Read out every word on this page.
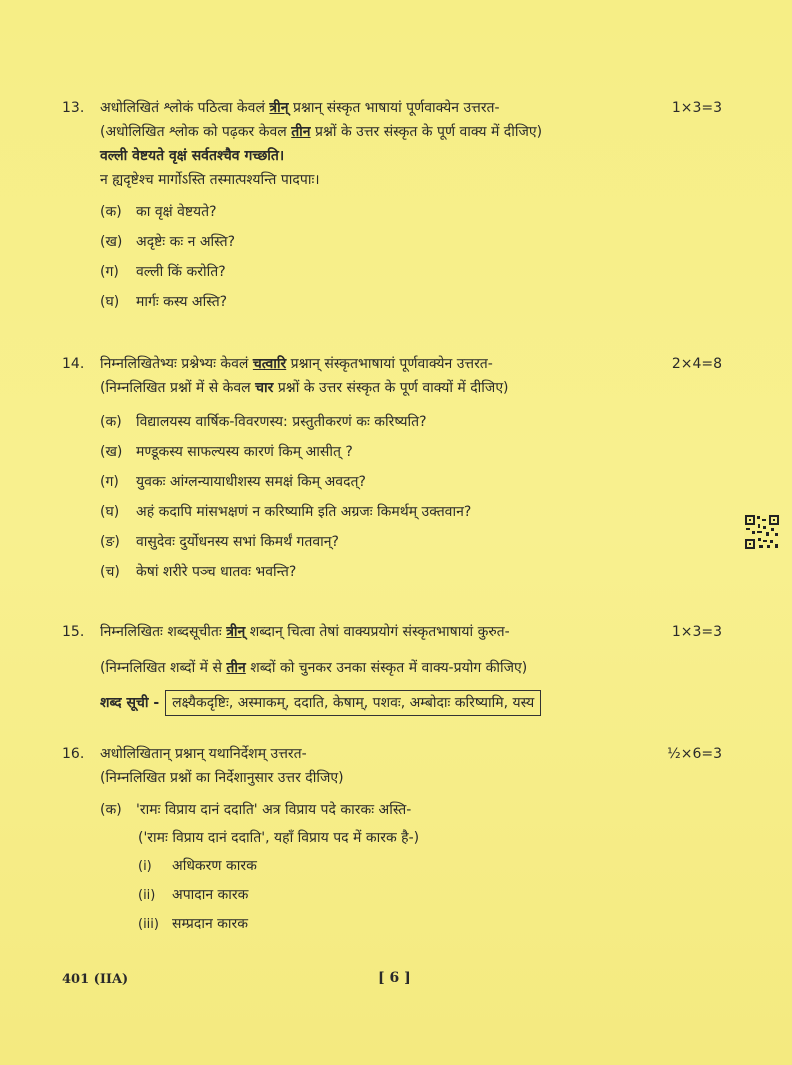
13. अधोलिखितं श्लोकं पठित्वा केवलं त्रीन् प्रश्नान् संस्कृत भाषायां पूर्णवाक्येन उत्तरत-	1×3=3
(अधोलिखित श्लोक को पढ़कर केवल तीन प्रश्नों के उत्तर संस्कृत के पूर्ण वाक्य में दीजिए)
वल्ली वेष्टयते वृक्षं सर्वतश्चैव गच्छति।
न ह्यदृष्टेश्च मार्गोऽस्ति तस्मात्पश्यन्ति पादपाः।
(क) का वृक्षं वेष्टयते?
(ख) अदृष्टेः कः न अस्ति?
(ग) वल्ली किं करोति?
(घ) मार्गः कस्य अस्ति?
14. निम्नलिखितेभ्यः प्रश्नेभ्यः केवलं चत्वारि प्रश्नान् संस्कृतभाषायां पूर्णवाक्येन उत्तरत-	2×4=8
(निम्नलिखित प्रश्नों में से केवल चार प्रश्नों के उत्तर संस्कृत के पूर्ण वाक्यों में दीजिए)
(क) विद्यालयस्य वार्षिक-विवरणस्य: प्रस्तुतीकरणं कः करिष्यति?
(ख) मण्डूकस्य साफल्यस्य कारणं किम् आसीत् ?
(ग) युवकः आंग्लन्यायाधीशस्य समक्षं किम् अवदत्?
(घ) अहं कदापि मांसभक्षणं न करिष्यामि इति अग्रजः किमर्थम् उक्तवान?
(ङ) वासुदेवः दुर्योधनस्य सभां किमर्थं गतवान्?
(च) केषां शरीरे पञ्च धातवः भवन्ति?
15. निम्नलिखितः शब्दसूचीतः त्रीन् शब्दान् चित्वा तेषां वाक्यप्रयोगं संस्कृतभाषायां कुरुत-	1×3=3
(निम्नलिखित शब्दों में से तीन शब्दों को चुनकर उनका संस्कृत में वाक्य-प्रयोग कीजिए)
शब्द सूची - लक्ष्यैकदृष्टिः, अस्माकम्, ददाति, केषाम्, पशवः, अम्बोदाः करिष्यामि, यस्य
16. अधोलिखितान् प्रश्नान् यथानिर्देशम् उत्तरत-	½×6=3
(निम्नलिखित प्रश्नों का निर्देशानुसार उत्तर दीजिए)
(क) 'रामः विप्राय दानं ददाति' अत्र विप्राय पदे कारकः अस्ति-
('रामः विप्राय दानं ददाति', यहाँ विप्राय पद में कारक है-)
(i) अधिकरण कारक
(ii) अपादान कारक
(iii) सम्प्रदान कारक
401 (IIA)	[ 6 ]
